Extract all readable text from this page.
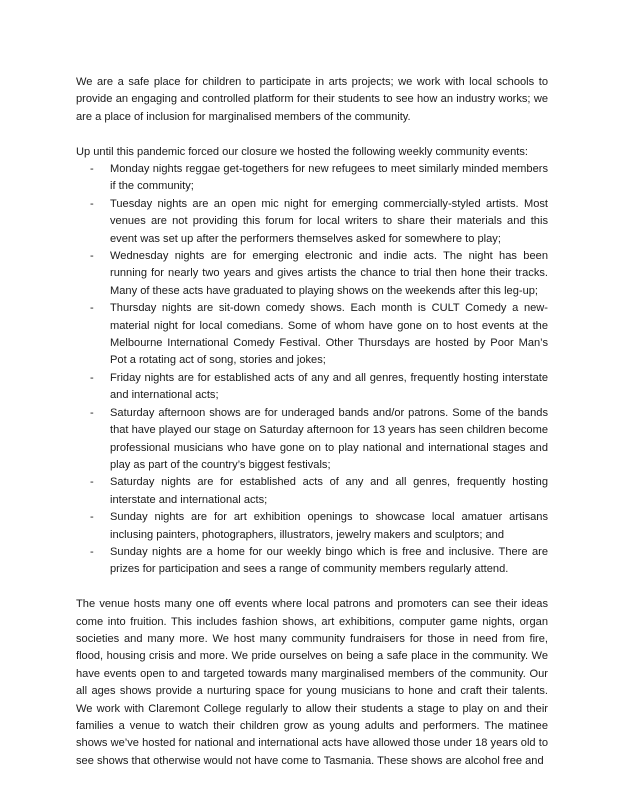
We are a safe place for children to participate in arts projects; we work with local schools to provide an engaging and controlled platform for their students to see how an industry works; we are a place of inclusion for marginalised members of the community.

Up until this pandemic forced our closure we hosted the following weekly community events:

- Monday nights reggae get-togethers for new refugees to meet similarly minded members if the community;
- Tuesday nights are an open mic night for emerging commercially-styled artists. Most venues are not providing this forum for local writers to share their materials and this event was set up after the performers themselves asked for somewhere to play;
- Wednesday nights are for emerging electronic and indie acts. The night has been running for nearly two years and gives artists the chance to trial then hone their tracks. Many of these acts have graduated to playing shows on the weekends after this leg-up;
- Thursday nights are sit-down comedy shows. Each month is CULT Comedy a new-material night for local comedians. Some of whom have gone on to host events at the Melbourne International Comedy Festival. Other Thursdays are hosted by Poor Man’s Pot a rotating act of song, stories and jokes;
- Friday nights are for established acts of any and all genres, frequently hosting interstate and international acts;
- Saturday afternoon shows are for underaged bands and/or patrons. Some of the bands that have played our stage on Saturday afternoon for 13 years has seen children become professional musicians who have gone on to play national and international stages and play as part of the country’s biggest festivals;
- Saturday nights are for established acts of any and all genres, frequently hosting interstate and international acts;
- Sunday nights are for art exhibition openings to showcase local amatuer artisans inclusing painters, photographers, illustrators, jewelry makers and sculptors; and
- Sunday nights are a home for our weekly bingo which is free and inclusive. There are prizes for participation and sees a range of community members regularly attend.

The venue hosts many one off events where local patrons and promoters can see their ideas come into fruition. This includes fashion shows, art exhibitions, computer game nights, organ societies and many more. We host many community fundraisers for those in need from fire, flood, housing crisis and more. We pride ourselves on being a safe place in the community. We have events open to and targeted towards many marginalised members of the community. Our all ages shows provide a nurturing space for young musicians to hone and craft their talents. We work with Claremont College regularly to allow their students a stage to play on and their families a venue to watch their children grow as young adults and performers. The matinee shows we’ve hosted for national and international acts have allowed those under 18 years old to see shows that otherwise would not have come to Tasmania. These shows are alcohol free and
